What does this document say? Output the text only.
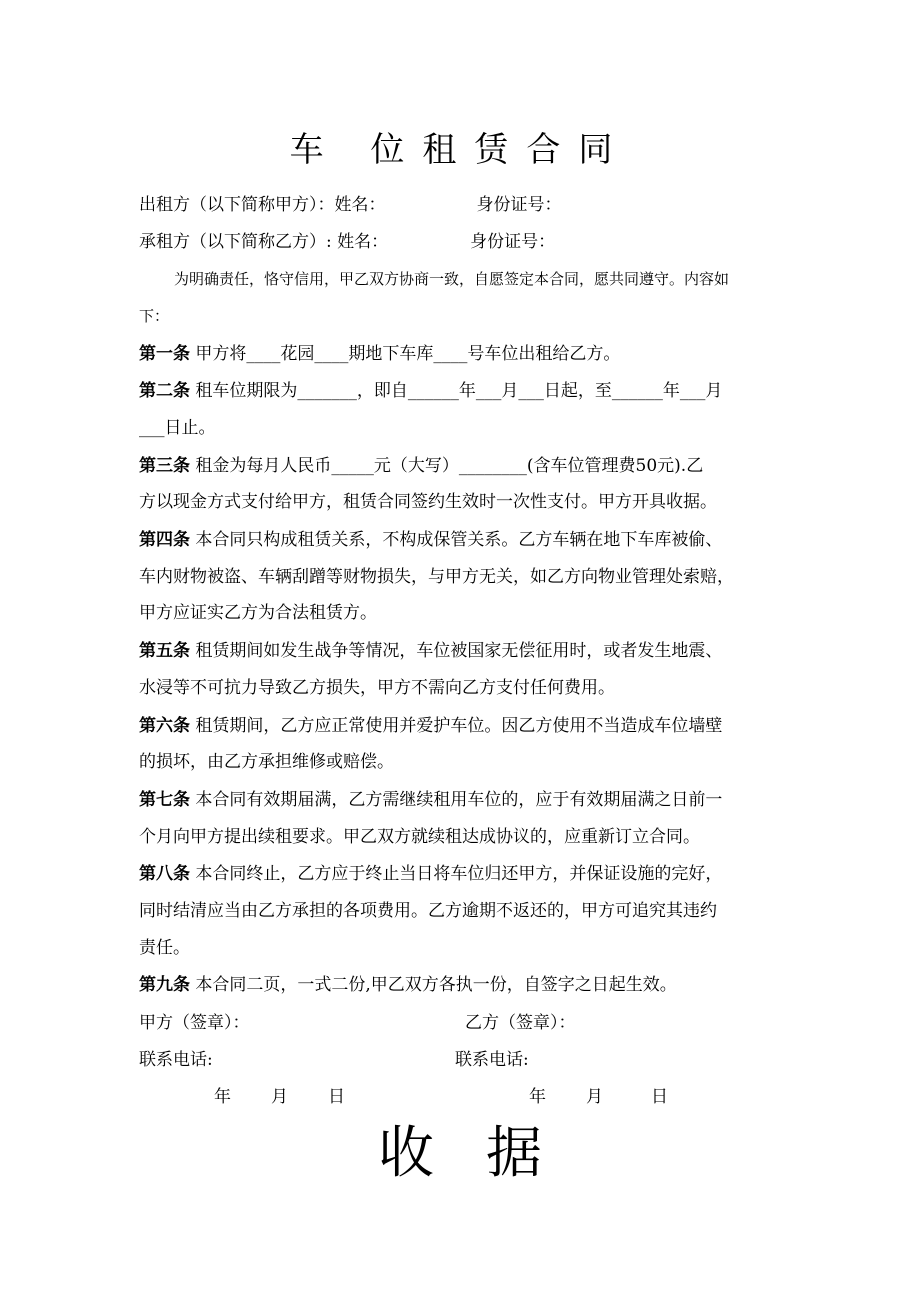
车 位租赁合同
出租方（以下简称甲方）：姓名：	身份证号：
承租方（以下简称乙方）: 姓名：	身份证号：
为明确责任，恪守信用，甲乙双方协商一致，自愿签定本合同，愿共同遵守。内容如
下：
第一条 甲方将____花园____期地下车库____号车位出租给乙方。
第二条 租车位期限为_______，即自______年___月___日起，至______年___月
___日止。
第三条 租金为每月人民币_____元（大写）________(含车位管理费50元).乙
方以现金方式支付给甲方，租赁合同签约生效时一次性支付。甲方开具收据。
第四条 本合同只构成租赁关系，不构成保管关系。乙方车辆在地下车库被偷、
车内财物被盗、车辆刮蹭等财物损失，与甲方无关，如乙方向物业管理处索赔，
甲方应证实乙方为合法租赁方。
第五条 租赁期间如发生战争等情况，车位被国家无偿征用时，或者发生地震、
水浸等不可抗力导致乙方损失，甲方不需向乙方支付任何费用。
第六条 租赁期间，乙方应正常使用并爱护车位。因乙方使用不当造成车位墙壁
的损坏，由乙方承担维修或赔偿。
第七条 本合同有效期届满，乙方需继续租用车位的，应于有效期届满之日前一
个月向甲方提出续租要求。甲乙双方就续租达成协议的，应重新订立合同。
第八条 本合同终止，乙方应于终止当日将车位归还甲方，并保证设施的完好，
同时结清应当由乙方承担的各项费用。乙方逾期不返还的，甲方可追究其违约
责任。
第九条 本合同二页，一式二份,甲乙双方各执一份，自签字之日起生效。
甲方（签章）：	乙方（签章）：
联系电话:	联系电话:
年 月 日	年 月	日
收 据
